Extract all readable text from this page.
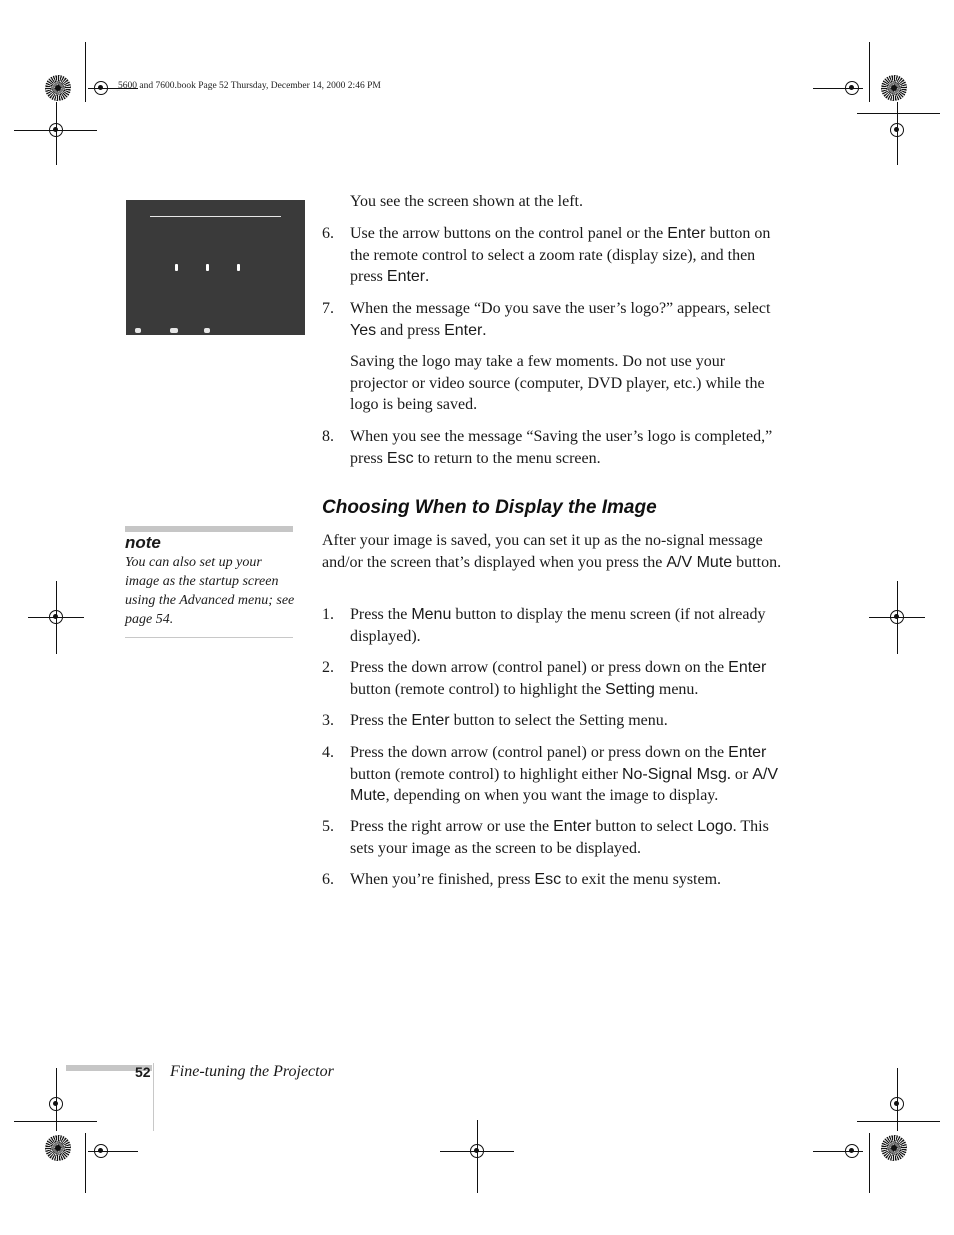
5600 and 7600.book Page 52 Thursday, December 14, 2000 2:46 PM
You see the screen shown at the left.
6.	Use the arrow buttons on the control panel or the Enter button on the remote control to select a zoom rate (display size), and then press Enter.
7.	When the message “Do you save the user’s logo?” appears, select Yes and press Enter.
Saving the logo may take a few moments. Do not use your projector or video source (computer, DVD player, etc.) while the logo is being saved.
8.	When you see the message “Saving the user’s logo is completed,” press Esc to return to the menu screen.
Choosing When to Display the Image
After your image is saved, you can set it up as the no-signal message and/or the screen that’s displayed when you press the A/V Mute button.
1.	Press the Menu button to display the menu screen (if not already displayed).
2.	Press the down arrow (control panel) or press down on the Enter button (remote control) to highlight the Setting menu.
3.	Press the Enter button to select the Setting menu.
4.	Press the down arrow (control panel) or press down on the Enter button (remote control) to highlight either No-Signal Msg. or A/V Mute, depending on when you want the image to display.
5.	Press the right arrow or use the Enter button to select Logo. This sets your image as the screen to be displayed.
6.	When you’re finished, press Esc to exit the menu system.
note
You can also set up your image as the startup screen using the Advanced menu; see page 54.
52 Fine-tuning the Projector
